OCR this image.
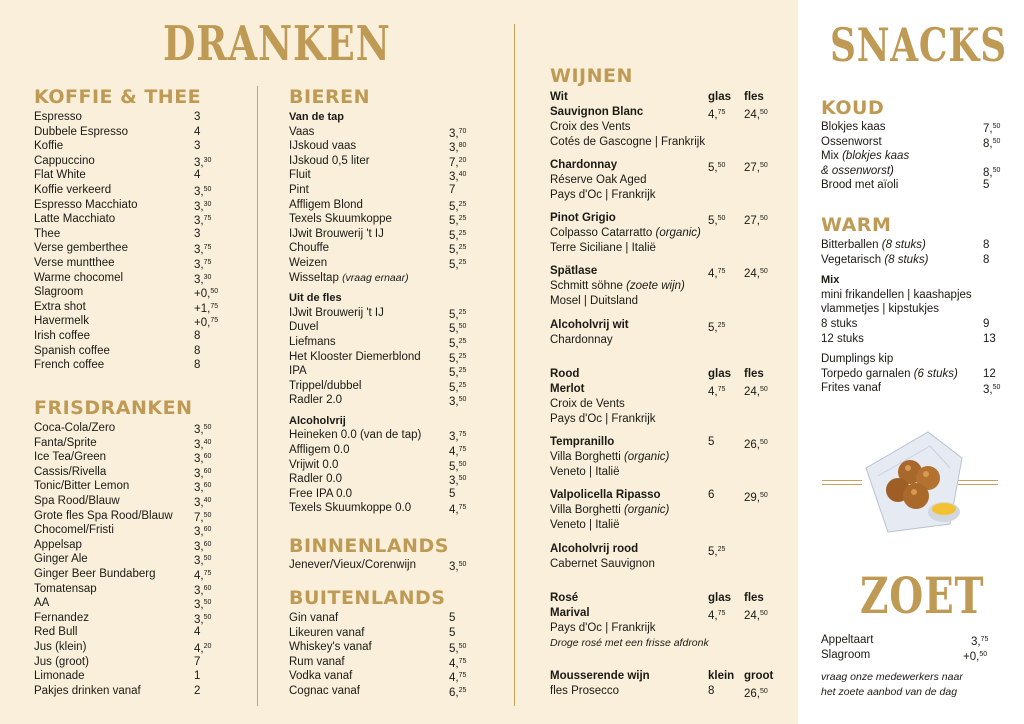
DRANKEN
KOFFIE & THEE
Espresso	3
Dubbele Espresso	4
Koffie	3
Cappuccino	3,30
Flat White	4
Koffie verkeerd	3,50
Espresso Macchiato	3,30
Latte Macchiato	3,75
Thee	3
Verse gemberthee	3,75
Verse muntthee	3,75
Warme chocomel	3,30
Slagroom	+0,50
Extra shot	+1,75
Havermelk	+0,75
Irish coffee	8
Spanish coffee	8
French coffee	8
FRISDRANKEN
Coca-Cola/Zero	3,50
Fanta/Sprite	3,40
Ice Tea/Green	3,60
Cassis/Rivella	3,60
Tonic/Bitter Lemon	3,60
Spa Rood/Blauw	3,40
Grote fles Spa Rood/Blauw 7,50
Chocomel/Fristi	3,60
Appelsap	3,60
Ginger Ale	3,50
Ginger Beer Bundaberg	4,75
Tomatensap	3,60
AA	3,50
Fernandez	3,50
Red Bull	4
Jus (klein)	4,20
Jus (groot)	7
Limonade	1
Pakjes drinken vanaf	2
BIEREN
Van de tap
Vaas	3,70
IJskoud vaas	3,80
IJskoud 0,5 liter	7,20
Fluit	3,40
Pint	7
Affligem Blond	5,25
Texels Skuumkoppe	5,25
IJwit Brouwerij 't IJ	5,25
Chouffe	5,25
Weizen	5,25
Wisseltap (vraag ernaar)
Uit de fles
IJwit Brouwerij 't IJ	5,25
Duvel	5,50
Liefmans	5,25
Het Klooster Diemerblond 5,25
IPA	5,25
Trippel/dubbel	5,25
Radler 2.0	3,50
Alcoholvrij
Heineken 0.0 (van de tap) 3,75
Affligem 0.0	4,75
Vrijwit 0.0	5,50
Radler 0.0	3,50
Free IPA 0.0	5
Texels Skuumkoppe 0.0	4,75
BINNENLANDS
Jenever/Vieux/Corenwijn	3,50
BUITENLANDS
Gin vanaf	5
Likeuren vanaf	5
Whiskey's vanaf	5,50
Rum vanaf	4,75
Vodka vanaf	4,75
Cognac vanaf	6,25
WIJNEN
Wit	glas fles
Sauvignon Blanc	4,75 24,50
Croix des Vents
Cotés de Gascogne | Frankrijk
Chardonnay	5,50 27,50
Réserve Oak Aged
Pays d'Oc | Frankrijk
Pinot Grigio	5,50 27,50
Colpasso Catarratto (organic)
Terre Siciliane | Italië
Spätlase	4,75 24,50
Schmitt söhne (zoete wijn)
Mosel | Duitsland
Alcoholvrij wit	5,25
Chardonnay
Rood	glas fles
Merlot	4,75 24,50
Croix de Vents
Pays d'Oc | Frankrijk
Tempranillo	5	26,50
Villa Borghetti (organic)
Veneto | Italië
Valpolicella Ripasso	6	29,50
Villa Borghetti (organic)
Veneto | Italië
Alcoholvrij rood	5,25
Cabernet Sauvignon
Rosé	glas fles
Marival	4,75 24,50
Pays d'Oc | Frankrijk
Droge rosé met een frisse afdronk
Mousserende wijn	klein groot
fles Prosecco	8	26,50
SNACKS
KOUD
Blokjes kaas	7,50
Ossenworst	8,50
Mix (blokjes kaas
& ossenworst)	8,50
Brood met aïoli	5
WARM
Bitterballen (8 stuks)	8
Vegetarisch (8 stuks)	8
Mix
mini frikandellen | kaashapjes
vlammetjes | kipstukjes
8 stuks	9
12 stuks	13
Dumplings kip
Torpedo garnalen (6 stuks) 12
Frites vanaf	3,50
ZOET
Appeltaart	3,75
Slagroom	+0,50
vraag onze medewerkers naar
het zoete aanbod van de dag
